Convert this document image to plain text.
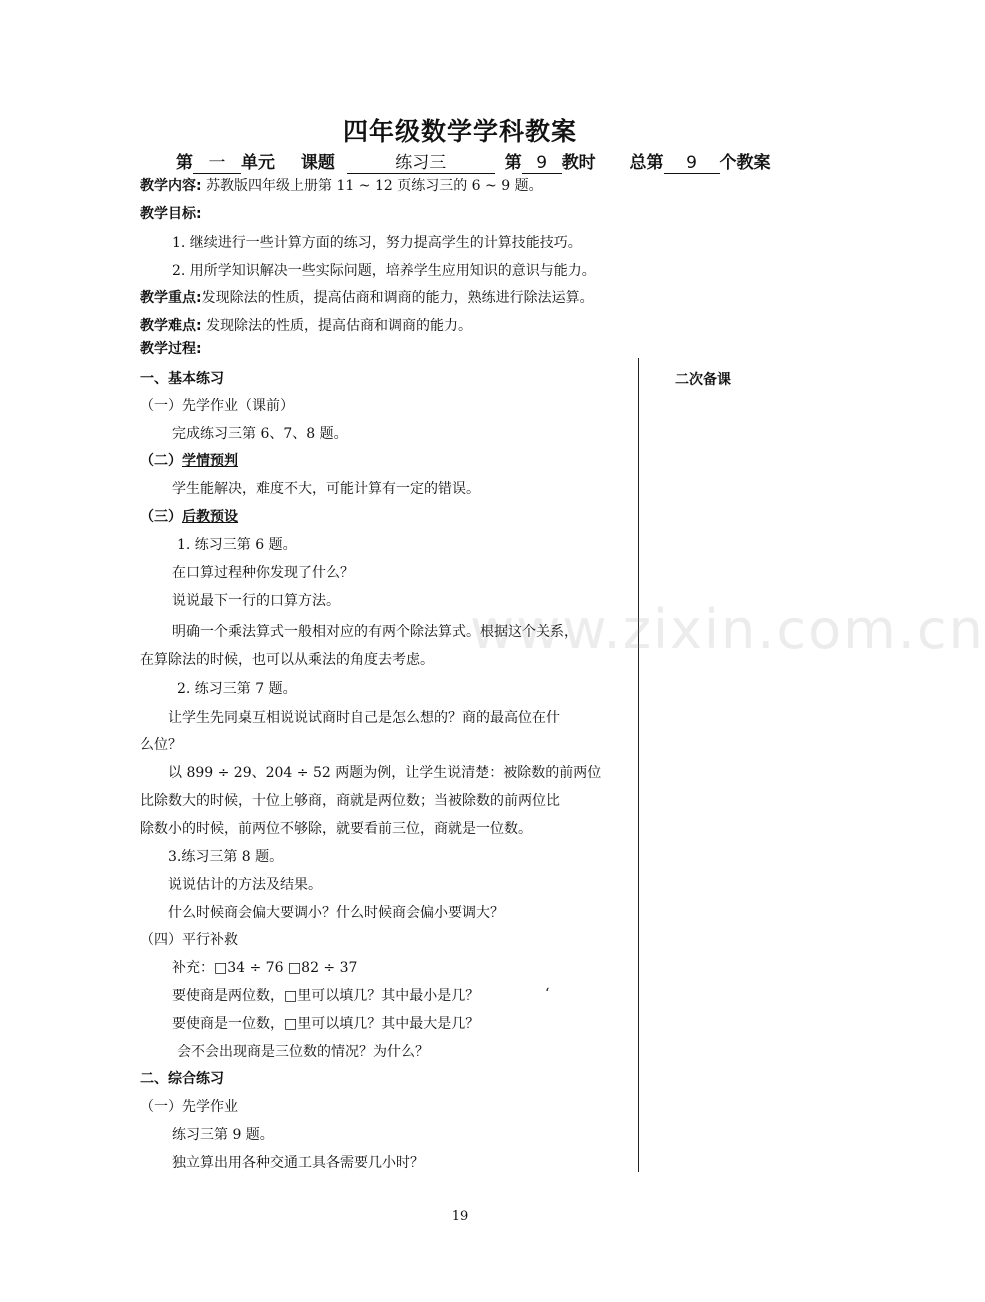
四年级数学学科教案
第 一 单元 课题	练习三	第 9 教时 总第 9 个教案
教学内容: 苏教版四年级上册第 11 ~ 12 页练习三的 6 ~ 9 题。
教学目标:
1. 继续进行一些计算方面的练习，努力提高学生的计算技能技巧。
2. 用所学知识解决一些实际问题，培养学生应用知识的意识与能力。
教学重点:发现除法的性质，提高估商和调商的能力，熟练进行除法运算。
教学难点: 发现除法的性质，提高估商和调商的能力。
教学过程:
二次备课
www.zixin.com.cn
一、基本练习
（一）先学作业（课前）
完成练习三第 6、7、8 题。
（二）学情预判
学生能解决，难度不大，可能计算有一定的错误。
（三）后教预设
1. 练习三第 6 题。
在口算过程种你发现了什么？
说说最下一行的口算方法。
明确一个乘法算式一般相对应的有两个除法算式。根据这个关系，
在算除法的时候，也可以从乘法的角度去考虑。
2. 练习三第 7 题。
让学生先同桌互相说说试商时自己是怎么想的？商的最高位在什
么位？
以 899 ÷ 29、204 ÷ 52 两题为例，让学生说清楚：被除数的前两位
比除数大的时候，十位上够商，商就是两位数；当被除数的前两位比
除数小的时候，前两位不够除，就要看前三位，商就是一位数。
3.练习三第 8 题。
说说估计的方法及结果。
什么时候商会偏大要调小？什么时候商会偏小要调大？
（四）平行补救
补充：□34 ÷ 76 □82 ÷ 37
要使商是两位数，□里可以填几？其中最小是几？	‘
要使商是一位数，□里可以填几？其中最大是几？
会不会出现商是三位数的情况？为什么？
二、综合练习
（一）先学作业
练习三第 9 题。
独立算出用各种交通工具各需要几小时？
19
